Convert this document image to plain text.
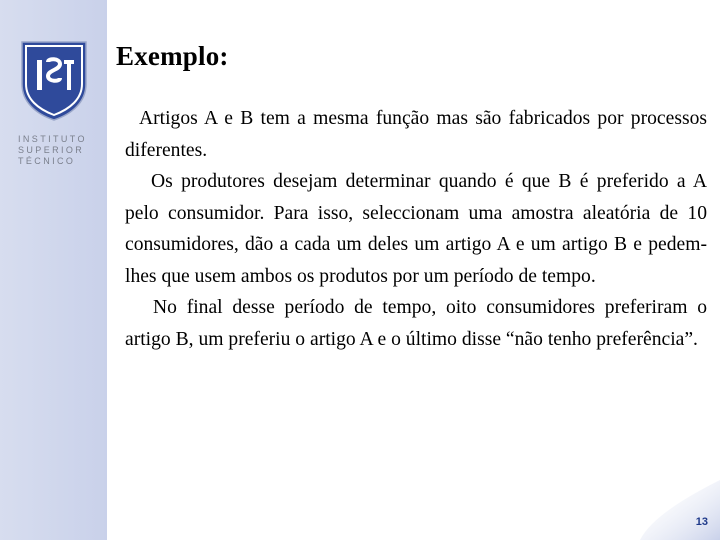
INSTITUTO
SUPERIOR
TÉCNICO
Exemplo:

Artigos A e B tem a mesma função mas são fabricados por processos diferentes.

Os produtores desejam determinar quando é que B é preferido a A pelo consumidor. Para isso, seleccionam uma amostra aleatória de 10 consumidores, dão a cada um deles um artigo A e um artigo B e pedem-lhes que usem ambos os produtos por um período de tempo.

No final desse período de tempo, oito consumidores preferiram o artigo B, um preferiu o artigo A e o último disse “não tenho preferência”.

13
